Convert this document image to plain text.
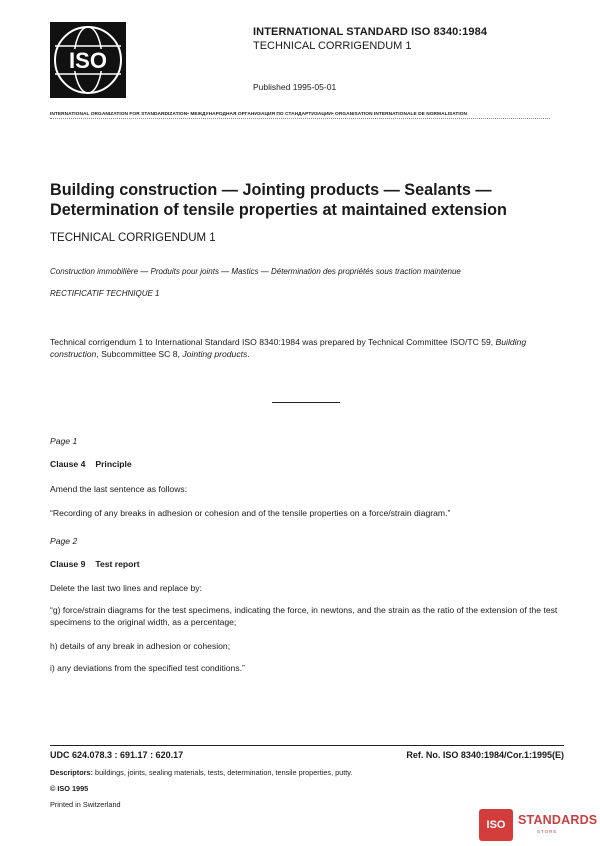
ISO
INTERNATIONAL STANDARD ISO 8340:1984
TECHNICAL CORRIGENDUM 1
Published 1995-05-01
INTERNATIONAL ORGANIZATION FOR STANDARDIZATION• МЕЖДУНАРОДНАЯ ОРГАНИЗАЦИЯ ПО СТАНДАРТИЗАЦИИ• ORGANISATION INTERNATIONALE DE NORMALISATION
Building construction — Jointing products — Sealants —
Determination of tensile properties at maintained extension
TECHNICAL CORRIGENDUM 1
Construction immobilière — Produits pour joints — Mastics — Détermination des propriétés sous traction maintenue
RECTIFICATIF TECHNIQUE 1
Technical corrigendum 1 to International Standard ISO 8340:1984 was prepared by Technical Committee ISO/TC 59, Building construction, Subcommittee SC 8, Jointing products.
Page 1
Clause 4 Principle
Amend the last sentence as follows:
“Recording of any breaks in adhesion or cohesion and of the tensile properties on a force/strain diagram.”
Page 2
Clause 9 Test report
Delete the last two lines and replace by:
“g) force/strain diagrams for the test specimens, indicating the force, in newtons, and the strain as the ratio of the extension of the test specimens to the original width, as a percentage;
h) details of any break in adhesion or cohesion;
i) any deviations from the specified test conditions.”
UDC 624.078.3 : 691.17 : 620.17	Ref. No. ISO 8340:1984/Cor.1:1995(E)
Descriptors: buildings, joints, sealing materials, tests, determination, tensile properties, putty.
© ISO 1995
Printed in Switzerland
ISO	STANDARDS
STORE
